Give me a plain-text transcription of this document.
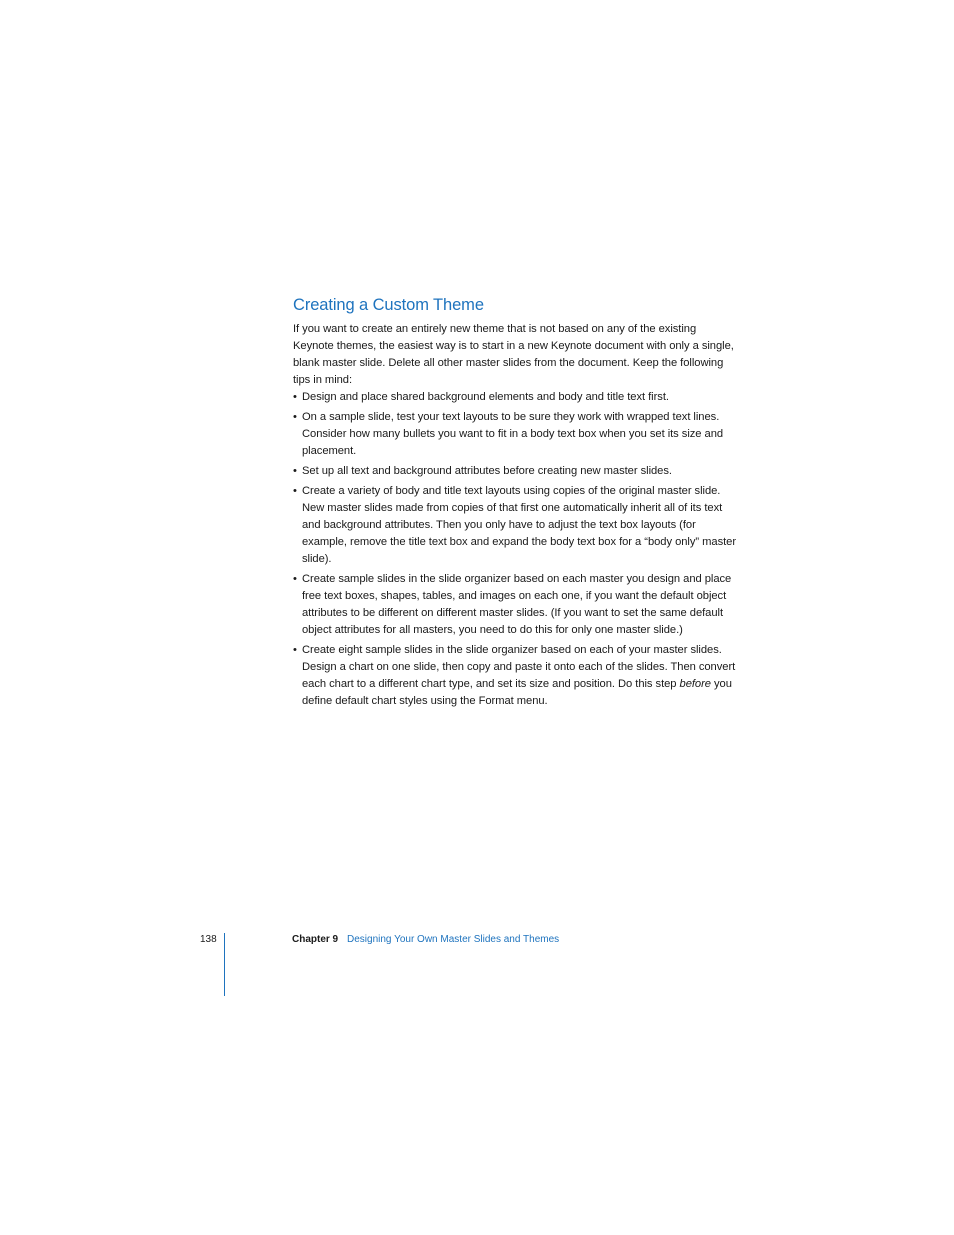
Creating a Custom Theme

If you want to create an entirely new theme that is not based on any of the existing Keynote themes, the easiest way is to start in a new Keynote document with only a single, blank master slide. Delete all other master slides from the document. Keep the following tips in mind:

• Design and place shared background elements and body and title text first.
• On a sample slide, test your text layouts to be sure they work with wrapped text lines. Consider how many bullets you want to fit in a body text box when you set its size and placement.
• Set up all text and background attributes before creating new master slides.
• Create a variety of body and title text layouts using copies of the original master slide. New master slides made from copies of that first one automatically inherit all of its text and background attributes. Then you only have to adjust the text box layouts (for example, remove the title text box and expand the body text box for a “body only” master slide).
• Create sample slides in the slide organizer based on each master you design and place free text boxes, shapes, tables, and images on each one, if you want the default object attributes to be different on different master slides. (If you want to set the same default object attributes for all masters, you need to do this for only one master slide.)
• Create eight sample slides in the slide organizer based on each of your master slides. Design a chart on one slide, then copy and paste it onto each of the slides. Then convert each chart to a different chart type, and set its size and position. Do this step before you define default chart styles using the Format menu.
138	Chapter 9 Designing Your Own Master Slides and Themes
